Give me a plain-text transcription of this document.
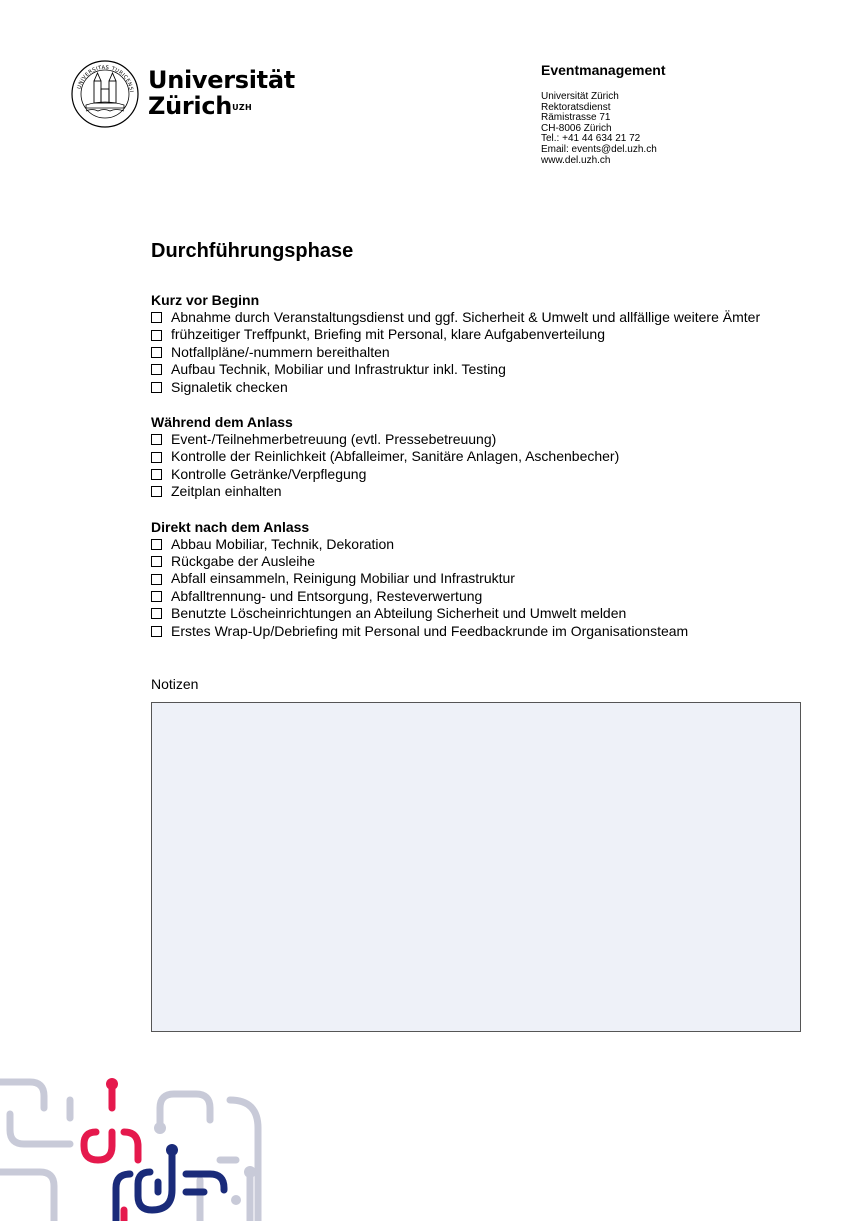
UNIVERSITAS TURICENSI Universität
Zürich$^{UZH}$
Eventmanagement
Universität Zürich
Rektoratsdienst
Rämistrasse 71
CH-8006 Zürich
Tel.: +41 44 634 21 72
Email: events@del.uzh.ch
www.del.uzh.ch
Durchführungsphase
Kurz vor Beginn
Abnahme durch Veranstaltungsdienst und ggf. Sicherheit & Umwelt und allfällige weitere Ämter
frühzeitiger Treffpunkt, Briefing mit Personal, klare Aufgabenverteilung
Notfallpläne/-nummern bereithalten
Aufbau Technik, Mobiliar und Infrastruktur inkl. Testing
Signaletik checken
Während dem Anlass
Event-/Teilnehmerbetreuung (evtl. Pressebetreuung)
Kontrolle der Reinlichkeit (Abfalleimer, Sanitäre Anlagen, Aschenbecher)
Kontrolle Getränke/Verpflegung
Zeitplan einhalten
Direkt nach dem Anlass
Abbau Mobiliar, Technik, Dekoration
Rückgabe der Ausleihe
Abfall einsammeln, Reinigung Mobiliar und Infrastruktur
Abfalltrennung- und Entsorgung, Resteverwertung
Benutzte Löscheinrichtungen an Abteilung Sicherheit und Umwelt melden
Erstes Wrap-Up/Debriefing mit Personal und Feedbackrunde im Organisationsteam
Notizen
